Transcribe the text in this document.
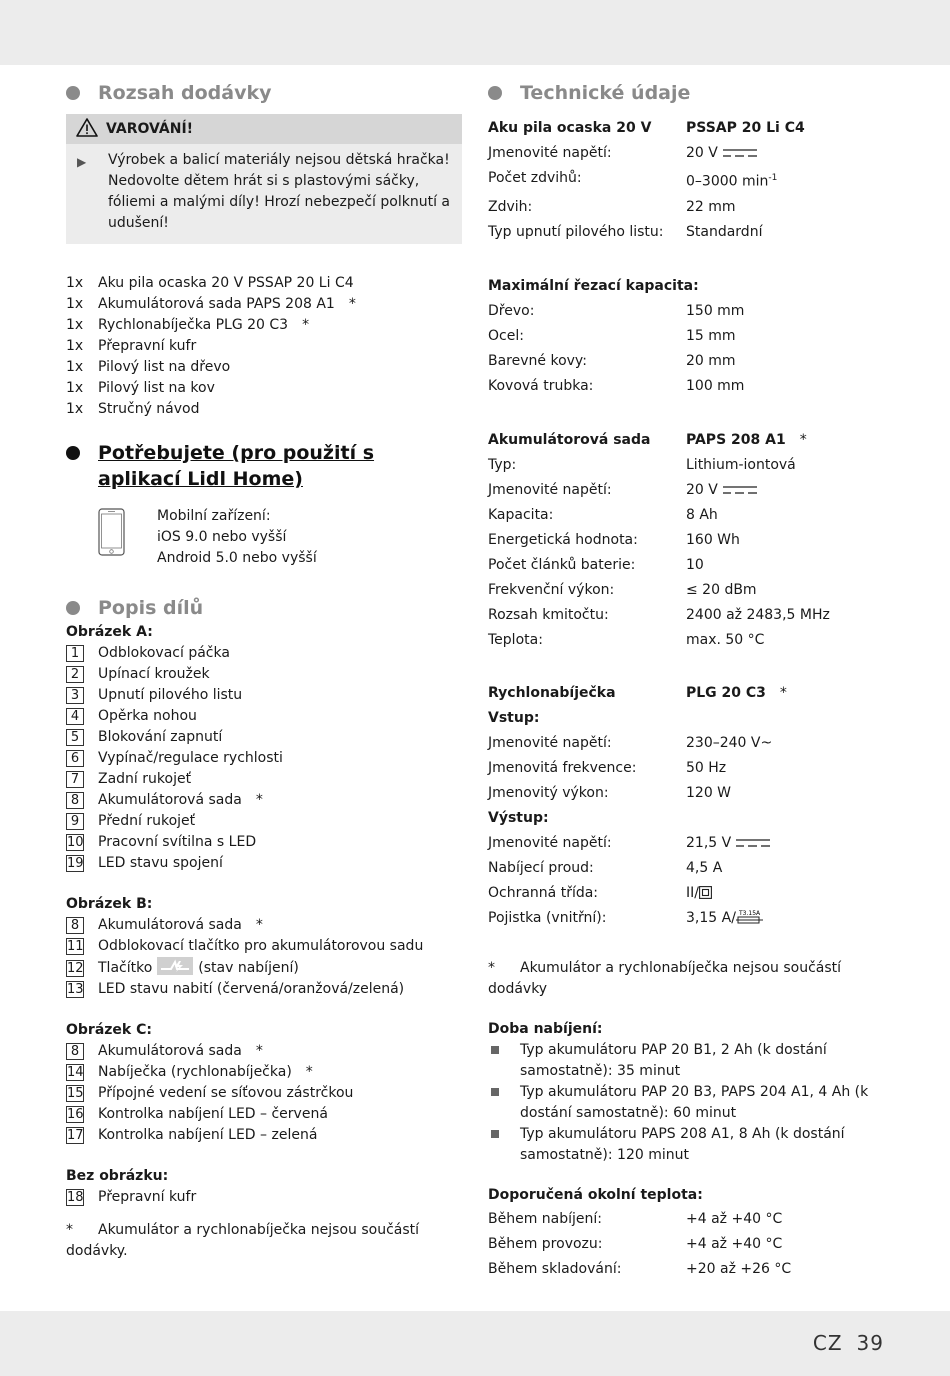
Rozsah dodávky
VAROVÁNÍ!
▶ Výrobek a balicí materiály nejsou dětská hračka! Nedovolte dětem hrát si s plastovými sáčky, fóliemi a malými díly! Hrozí nebezpečí polknutí a udušení!
1x Aku pila ocaska 20 V PSSAP 20 Li C4
1x Akumulátorová sada PAPS 208 A1 *
1x Rychlonabíječka PLG 20 C3 *
1x Přepravní kufr
1x Pilový list na dřevo
1x Pilový list na kov
1x Stručný návod
Potřebujete (pro použití s aplikací Lidl Home)
Mobilní zařízení:
iOS 9.0 nebo vyšší
Android 5.0 nebo vyšší
Popis dílů
Obrázek A:
1 Odblokovací páčka
2 Upínací kroužek
3 Upnutí pilového listu
4 Opěrka nohou
5 Blokování zapnutí
6 Vypínač/regulace rychlosti
7 Zadní rukojeť
8 Akumulátorová sada *
9 Přední rukojeť
10 Pracovní svítilna s LED
19 LED stavu spojení
Obrázek B:
8 Akumulátorová sada *
11 Odblokovací tlačítko pro akumulátorovou sadu
12 Tlačítko	(stav nabíjení)
13 LED stavu nabití (červená/oranžová/zelená)
Obrázek C:
8 Akumulátorová sada *
14 Nabíječka (rychlonabíječka) *
15 Přípojné vedení se síťovou zástrčkou
16 Kontrolka nabíjení LED – červená
17 Kontrolka nabíjení LED – zelená
Bez obrázku:
18 Přepravní kufr
* Akumulátor a rychlonabíječka nejsou součástí dodávky.
Technické údaje
Aku pila ocaska 20 V	PSSAP 20 Li C4
Jmenovité napětí:	20 V
Počet zdvihů:	0–3000 $\min^{-1}$
Zdvih:	22 mm
Typ upnutí pilového listu:	Standardní
Maximální řezací kapacita:
Dřevo:	150 mm
Ocel:	15 mm
Barevné kovy:	20 mm
Kovová trubka:	100 mm
Akumulátorová sada	PAPS 208 A1 *
Typ:	Lithium-iontová
Jmenovité napětí:	20 V
Kapacita:	8 Ah
Energetická hodnota:	160 Wh
Počet článků baterie:	10
Frekvenční výkon:	≤ 20 dBm
Rozsah kmitočtu:	2400 až 2483,5 MHz
Teplota:	max. 50 °C
Rychlonabíječka	PLG 20 C3 *
Vstup:
Jmenovité napětí:	230–240 V~
Jmenovitá frekvence:	50 Hz
Jmenovitý výkon:	120 W
Výstup:
Jmenovité napětí:	21,5 V
Nabíjecí proud:	4,5 A
Ochranná třída:	II/
Pojistka (vnitřní):	3,15 A/ T3.15A
* Akumulátor a rychlonabíječka nejsou součástí dodávky
Doba nabíjení:
Typ akumulátoru PAP 20 B1, 2 Ah (k dostání samostatně): 35 minut
Typ akumulátoru PAP 20 B3, PAPS 204 A1, 4 Ah (k dostání samostatně): 60 minut
Typ akumulátoru PAPS 208 A1, 8 Ah (k dostání samostatně): 120 minut
Doporučená okolní teplota:
Během nabíjení:	+4 až +40 °C
Během provozu:	+4 až +40 °C
Během skladování:	+20 až +26 °C
CZ 39
